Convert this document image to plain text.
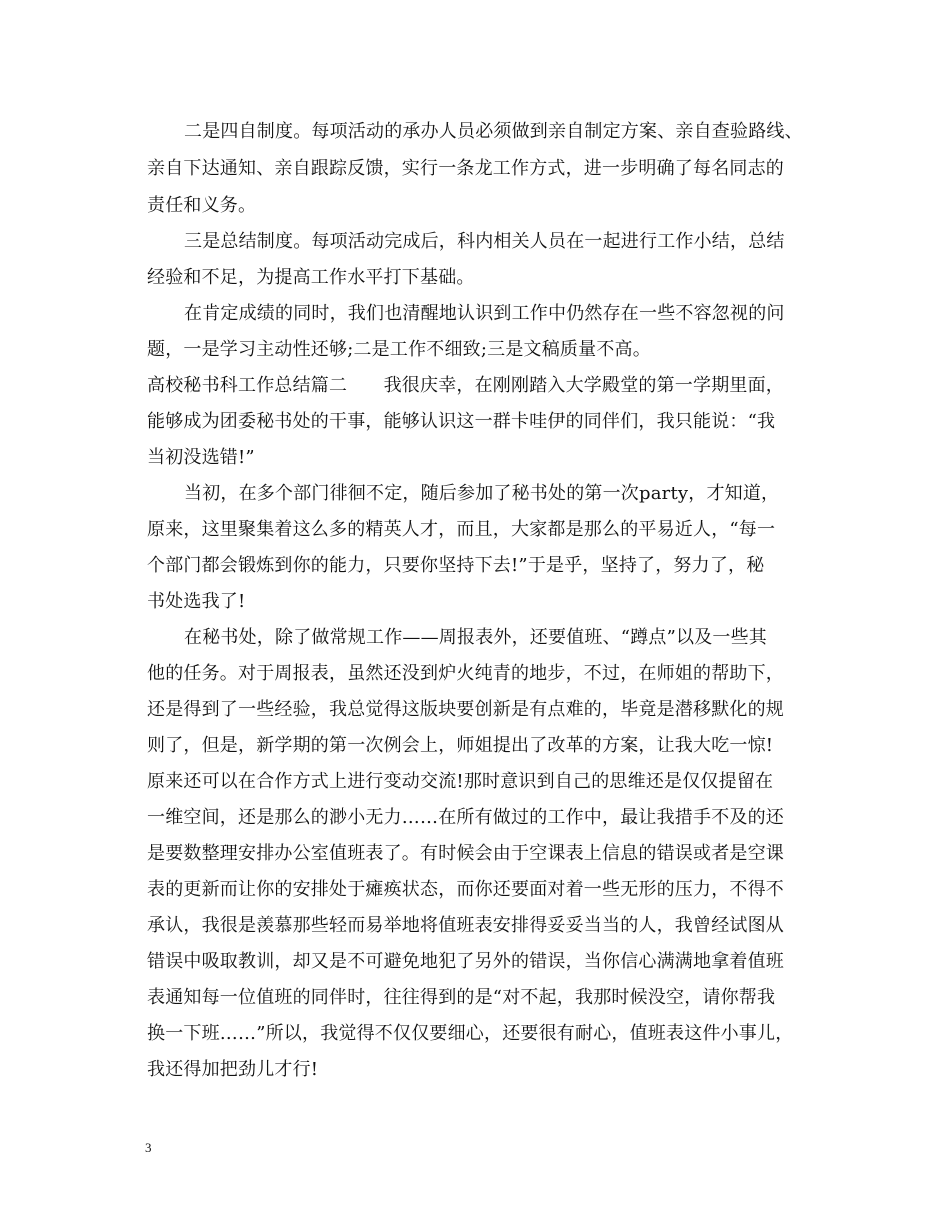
二是四自制度。每项活动的承办人员必须做到亲自制定方案、亲自查验路线、
亲自下达通知、亲自跟踪反馈，实行一条龙工作方式，进一步明确了每名同志的
责任和义务。
三是总结制度。每项活动完成后，科内相关人员在一起进行工作小结，总结
经验和不足，为提高工作水平打下基础。
在肯定成绩的同时，我们也清醒地认识到工作中仍然存在一些不容忽视的问
题，一是学习主动性还够;二是工作不细致;三是文稿质量不高。
高校秘书科工作总结篇二　　我很庆幸，在刚刚踏入大学殿堂的第一学期里面，
能够成为团委秘书处的干事，能够认识这一群卡哇伊的同伴们，我只能说：“我
当初没选错!”
当初，在多个部门徘徊不定，随后参加了秘书处的第一次party，才知道，
原来，这里聚集着这么多的精英人才，而且，大家都是那么的平易近人，“每一
个部门都会锻炼到你的能力，只要你坚持下去!”于是乎，坚持了，努力了，秘
书处选我了!
在秘书处，除了做常规工作——周报表外，还要值班、“蹲点”以及一些其
他的任务。对于周报表，虽然还没到炉火纯青的地步，不过，在师姐的帮助下，
还是得到了一些经验，我总觉得这版块要创新是有点难的，毕竟是潜移默化的规
则了，但是，新学期的第一次例会上，师姐提出了改革的方案，让我大吃一惊!
原来还可以在合作方式上进行变动交流!那时意识到自己的思维还是仅仅提留在
一维空间，还是那么的渺小无力……在所有做过的工作中，最让我措手不及的还
是要数整理安排办公室值班表了。有时候会由于空课表上信息的错误或者是空课
表的更新而让你的安排处于瘫痪状态，而你还要面对着一些无形的压力，不得不
承认，我很是羡慕那些轻而易举地将值班表安排得妥妥当当的人，我曾经试图从
错误中吸取教训，却又是不可避免地犯了另外的错误，当你信心满满地拿着值班
表通知每一位值班的同伴时，往往得到的是“对不起，我那时候没空，请你帮我
换一下班……”所以，我觉得不仅仅要细心，还要很有耐心，值班表这件小事儿，
我还得加把劲儿才行!
3
